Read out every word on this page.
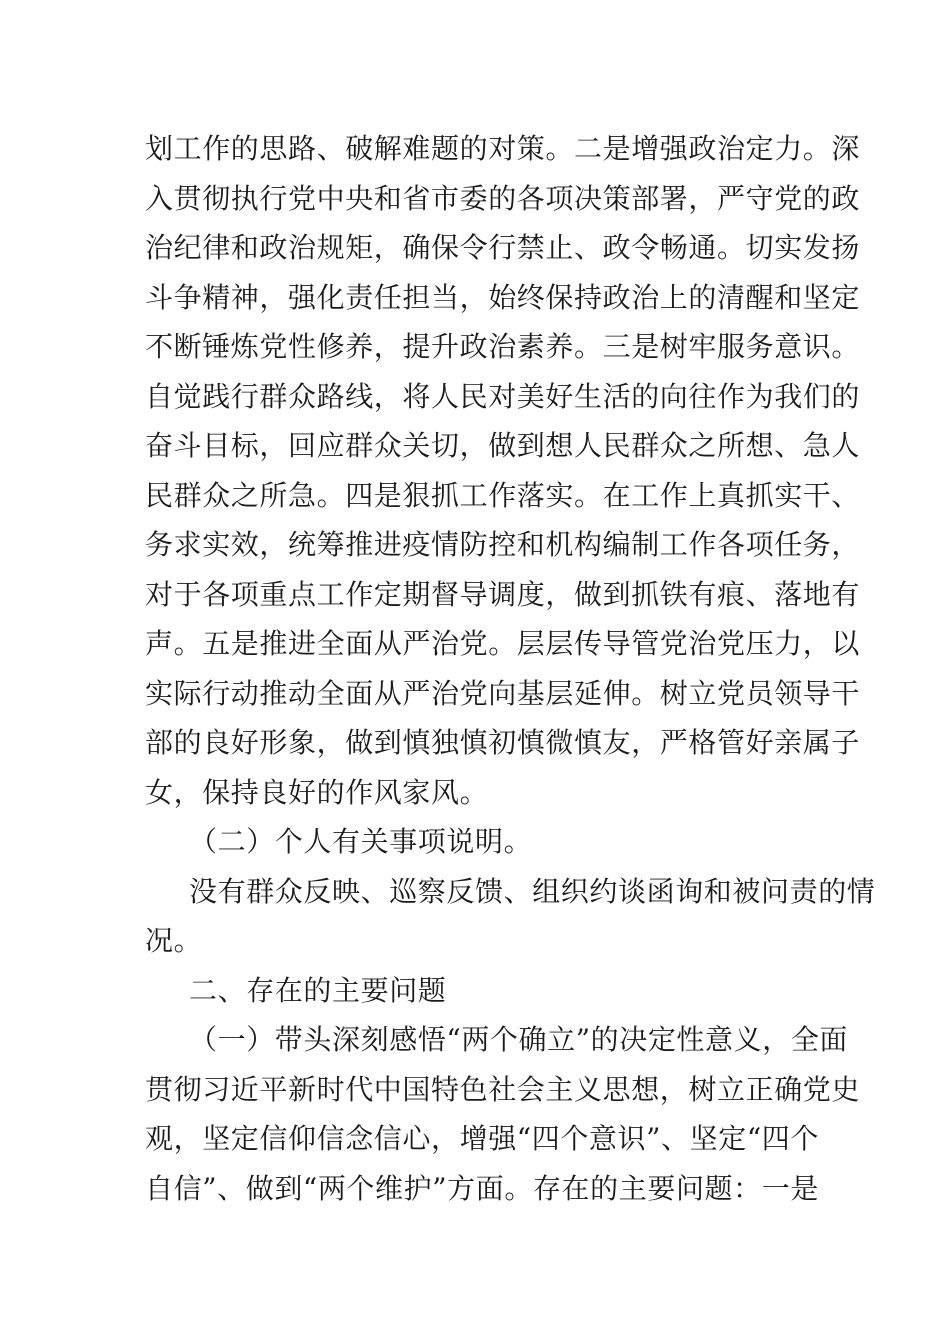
划工作的思路、破解难题的对策。二是增强政治定力。深
入贯彻执行党中央和省市委的各项决策部署，严守党的政
治纪律和政治规矩，确保令行禁止、政令畅通。切实发扬
斗争精神，强化责任担当，始终保持政治上的清醒和坚定
不断锤炼党性修养，提升政治素养。三是树牢服务意识。
自觉践行群众路线，将人民对美好生活的向往作为我们的
奋斗目标，回应群众关切，做到想人民群众之所想、急人
民群众之所急。四是狠抓工作落实。在工作上真抓实干、
务求实效，统筹推进疫情防控和机构编制工作各项任务，
对于各项重点工作定期督导调度，做到抓铁有痕、落地有
声。五是推进全面从严治党。层层传导管党治党压力，以
实际行动推动全面从严治党向基层延伸。树立党员领导干
部的良好形象，做到慎独慎初慎微慎友，严格管好亲属子
女，保持良好的作风家风。
（二）个人有关事项说明。
没有群众反映、巡察反馈、组织约谈函询和被问责的情
况。
二、存在的主要问题
（一）带头深刻感悟“两个确立”的决定性意义，全面
贯彻习近平新时代中国特色社会主义思想，树立正确党史
观，坚定信仰信念信心，增强“四个意识”、坚定“四个
自信”、做到“两个维护”方面。存在的主要问题：一是
